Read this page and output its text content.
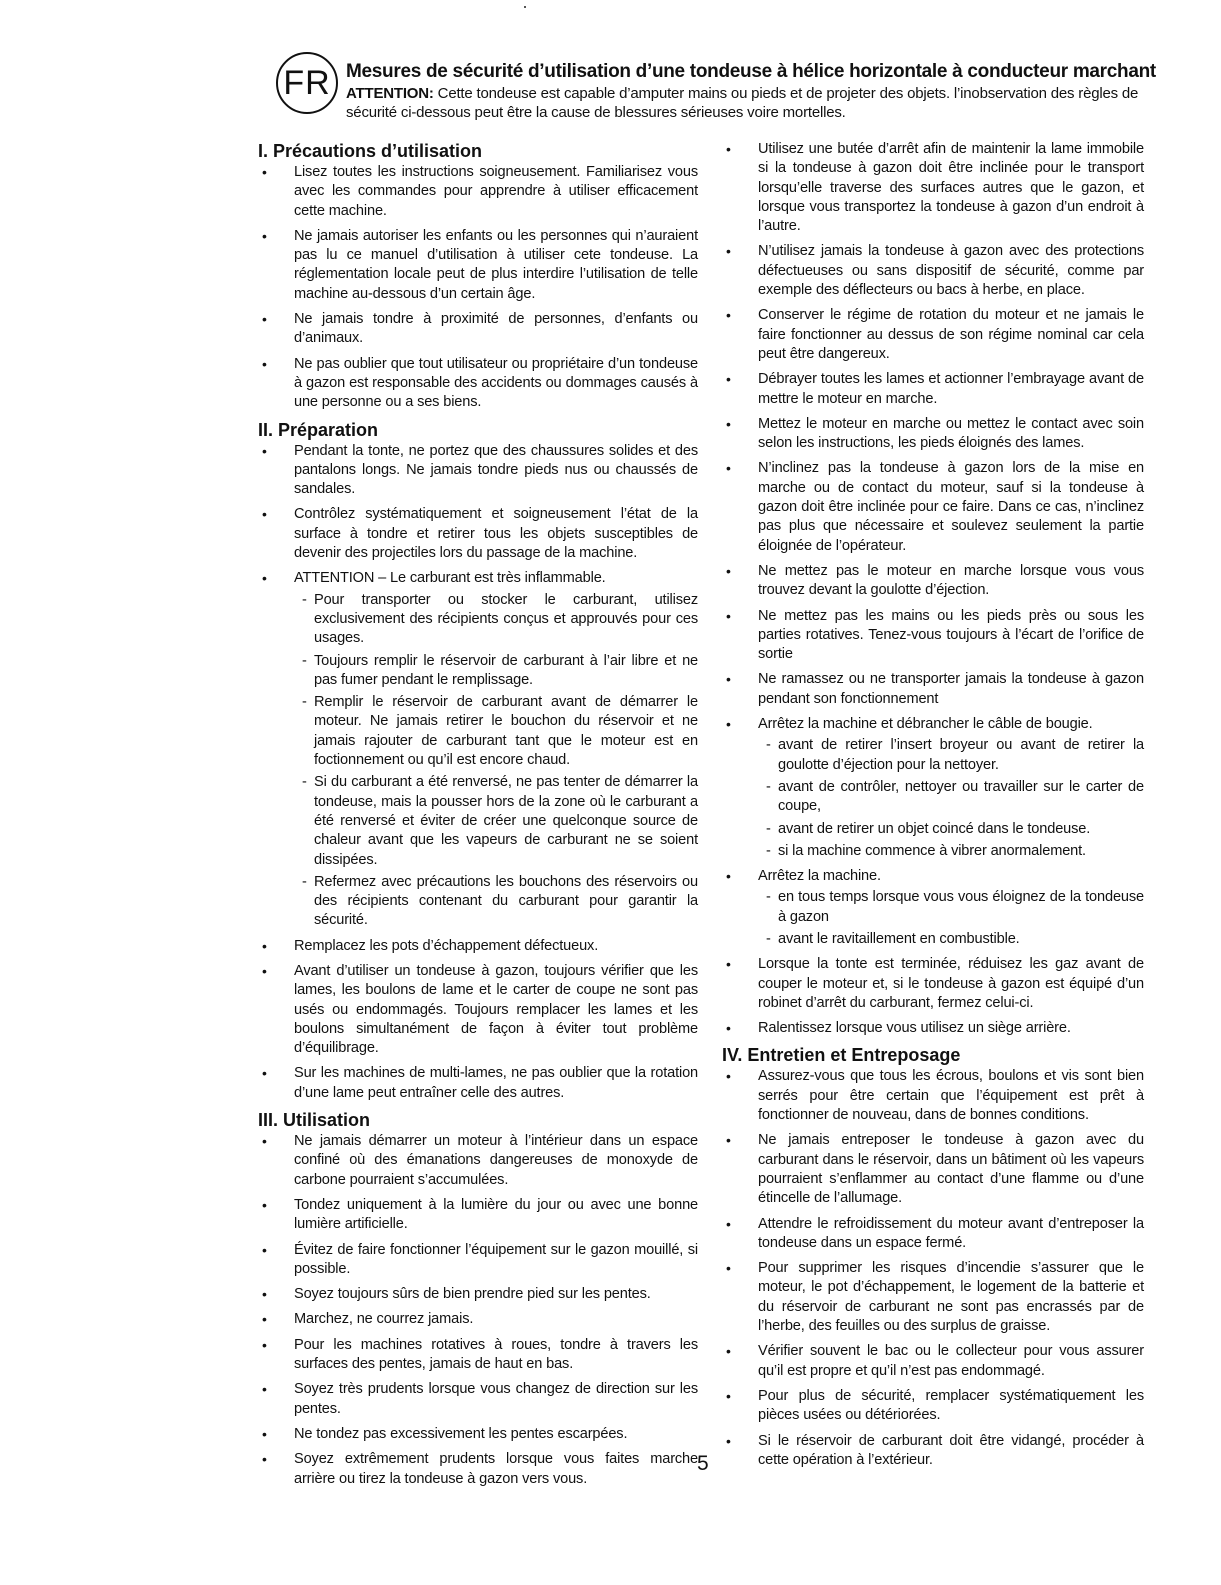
FR Mesures de sécurité d’utilisation d’une tondeuse à hélice horizontale à conducteur marchant
ATTENTION: Cette tondeuse est capable d’amputer mains ou pieds et de projeter des objets. l’inobservation des règles de sécurité ci-dessous peut être la cause de blessures sérieuses voire mortelles.
I. Précautions d’utilisation
• Lisez toutes les instructions soigneusement. Familiarisez vous avec les commandes pour apprendre à utiliser efficacement cette machine.
• Ne jamais autoriser les enfants ou les personnes qui n’auraient pas lu ce manuel d’utilisation à utiliser cete tondeuse. La réglementation locale peut de plus interdire l’utilisation de telle machine au-dessous d’un certain âge.
• Ne jamais tondre à proximité de personnes, d’enfants ou d’animaux.
• Ne pas oublier que tout utilisateur ou propriétaire d’un tondeuse à gazon est responsable des accidents ou dommages causés à une personne ou a ses biens.
II. Préparation
• Pendant la tonte, ne portez que des chaussures solides et des pantalons longs. Ne jamais tondre pieds nus ou chaussés de sandales.
• Contrôlez systématiquement et soigneusement l’état de la surface à tondre et retirer tous les objets susceptibles de devenir des projectiles lors du passage de la machine.
• ATTENTION – Le carburant est très inflammable.
- Pour transporter ou stocker le carburant, utilisez exclusivement des récipients conçus et approuvés pour ces usages.
- Toujours remplir le réservoir de carburant à l’air libre et ne pas fumer pendant le remplissage.
- Remplir le réservoir de carburant avant de démarrer le moteur. Ne jamais retirer le bouchon du réservoir et ne jamais rajouter de carburant tant que le moteur est en foctionnement ou qu’il est encore chaud.
- Si du carburant a été renversé, ne pas tenter de démarrer la tondeuse, mais la pousser hors de la zone où le carburant a été renversé et éviter de créer une quelconque source de chaleur avant que les vapeurs de carburant ne se soient dissipées.
- Refermez avec précautions les bouchons des réservoirs ou des récipients contenant du carburant pour garantir la sécurité.
• Remplacez les pots d’échappement défectueux.
• Avant d’utiliser un tondeuse à gazon, toujours vérifier que les lames, les boulons de lame et le carter de coupe ne sont pas usés ou endommagés. Toujours remplacer les lames et les boulons simultanément de façon à éviter tout problème d’équilibrage.
• Sur les machines de multi-lames, ne pas oublier que la rotation d’une lame peut entraîner celle des autres.
III. Utilisation
• Ne jamais démarrer un moteur à l’intérieur dans un espace confiné où des émanations dangereuses de monoxyde de carbone pourraient s’accumulées.
• Tondez uniquement à la lumière du jour ou avec une bonne lumière artificielle.
• Évitez de faire fonctionner l’équipement sur le gazon mouillé, si possible.
• Soyez toujours sûrs de bien prendre pied sur les pentes.
• Marchez, ne courrez jamais.
• Pour les machines rotatives à roues, tondre à travers les surfaces des pentes, jamais de haut en bas.
• Soyez très prudents lorsque vous changez de direction sur les pentes.
• Ne tondez pas excessivement les pentes escarpées.
• Soyez extrêmement prudents lorsque vous faites marche arrière ou tirez la tondeuse à gazon vers vous.
• Utilisez une butée d’arrêt afin de maintenir la lame immobile si la tondeuse à gazon doit être inclinée pour le transport lorsqu’elle traverse des surfaces autres que le gazon, et lorsque vous transportez la tondeuse à gazon d’un endroit à l’autre.
• N’utilisez jamais la tondeuse à gazon avec des protections défectueuses ou sans dispositif de sécurité, comme par exemple des déflecteurs ou bacs à herbe, en place.
• Conserver le régime de rotation du moteur et ne jamais le faire fonctionner au dessus de son régime nominal car cela peut être dangereux.
• Débrayer toutes les lames et actionner l’embrayage avant de mettre le moteur en marche.
• Mettez le moteur en marche ou mettez le contact avec soin selon les instructions, les pieds éloignés des lames.
• N’inclinez pas la tondeuse à gazon lors de la mise en marche ou de contact du moteur, sauf si la tondeuse à gazon doit être inclinée pour ce faire. Dans ce cas, n’inclinez pas plus que nécessaire et soulevez seulement la partie éloignée de l’opérateur.
• Ne mettez pas le moteur en marche lorsque vous vous trouvez devant la goulotte d’éjection.
• Ne mettez pas les mains ou les pieds près ou sous les parties rotatives. Tenez-vous toujours à l’écart de l’orifice de sortie
• Ne ramassez ou ne transporter jamais la tondeuse à gazon pendant son fonctionnement
• Arrêtez la machine et débrancher le câble de bougie.
- avant de retirer l’insert broyeur ou avant de retirer la goulotte d’éjection pour la nettoyer.
- avant de contrôler, nettoyer ou travailler sur le carter de coupe,
- avant de retirer un objet coincé dans le tondeuse.
- si la machine commence à vibrer anormalement.
• Arrêtez la machine.
- en tous temps lorsque vous vous éloignez de la tondeuse à gazon
- avant le ravitaillement en combustible.
• Lorsque la tonte est terminée, réduisez les gaz avant de couper le moteur et, si le tondeuse à gazon est équipé d’un robinet d’arrêt du carburant, fermez celui-ci.
• Ralentissez lorsque vous utilisez un siège arrière.
IV. Entretien et Entreposage
• Assurez-vous que tous les écrous, boulons et vis sont bien serrés pour être certain que l’équipement est prêt à fonctionner de nouveau, dans de bonnes conditions.
• Ne jamais entreposer le tondeuse à gazon avec du carburant dans le réservoir, dans un bâtiment où les vapeurs pourraient s’enflammer au contact d’une flamme ou d’une étincelle de l’allumage.
• Attendre le refroidissement du moteur avant d’entreposer la tondeuse dans un espace fermé.
• Pour supprimer les risques d’incendie s’assurer que le moteur, le pot d’échappement, le logement de la batterie et du réservoir de carburant ne sont pas encrassés par de l’herbe, des feuilles ou des surplus de graisse.
• Vérifier souvent le bac ou le collecteur pour vous assurer qu’il est propre et qu’il n’est pas endommagé.
• Pour plus de sécurité, remplacer systématiquement les pièces usées ou détériorées.
• Si le réservoir de carburant doit être vidangé, procéder à cette opération à l’extérieur.
5
